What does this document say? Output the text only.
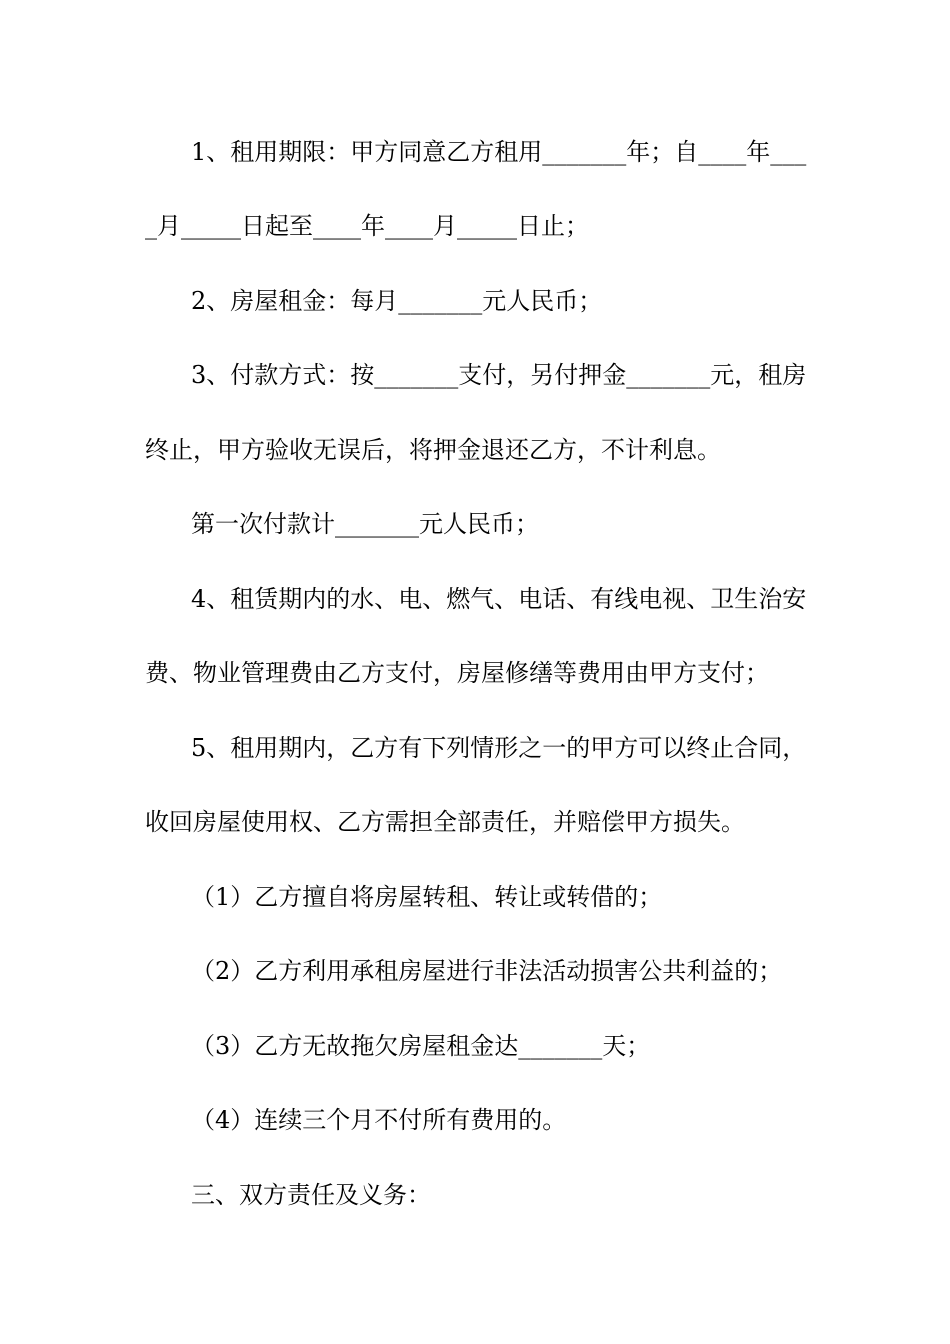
1、租用期限：甲方同意乙方租用_______年；自____年___
_月_____日起至____年____月_____日止；
2、房屋租金：每月_______元人民币；
3、付款方式：按_______支付，另付押金_______元，租房
终止，甲方验收无误后，将押金退还乙方，不计利息。
第一次付款计_______元人民币；
4、租赁期内的水、电、燃气、电话、有线电视、卫生治安
费、物业管理费由乙方支付，房屋修缮等费用由甲方支付；
5、租用期内，乙方有下列情形之一的甲方可以终止合同，
收回房屋使用权、乙方需担全部责任，并赔偿甲方损失。
（1）乙方擅自将房屋转租、转让或转借的；
（2）乙方利用承租房屋进行非法活动损害公共利益的；
（3）乙方无故拖欠房屋租金达_______天；
（4）连续三个月不付所有费用的。
三、双方责任及义务：
